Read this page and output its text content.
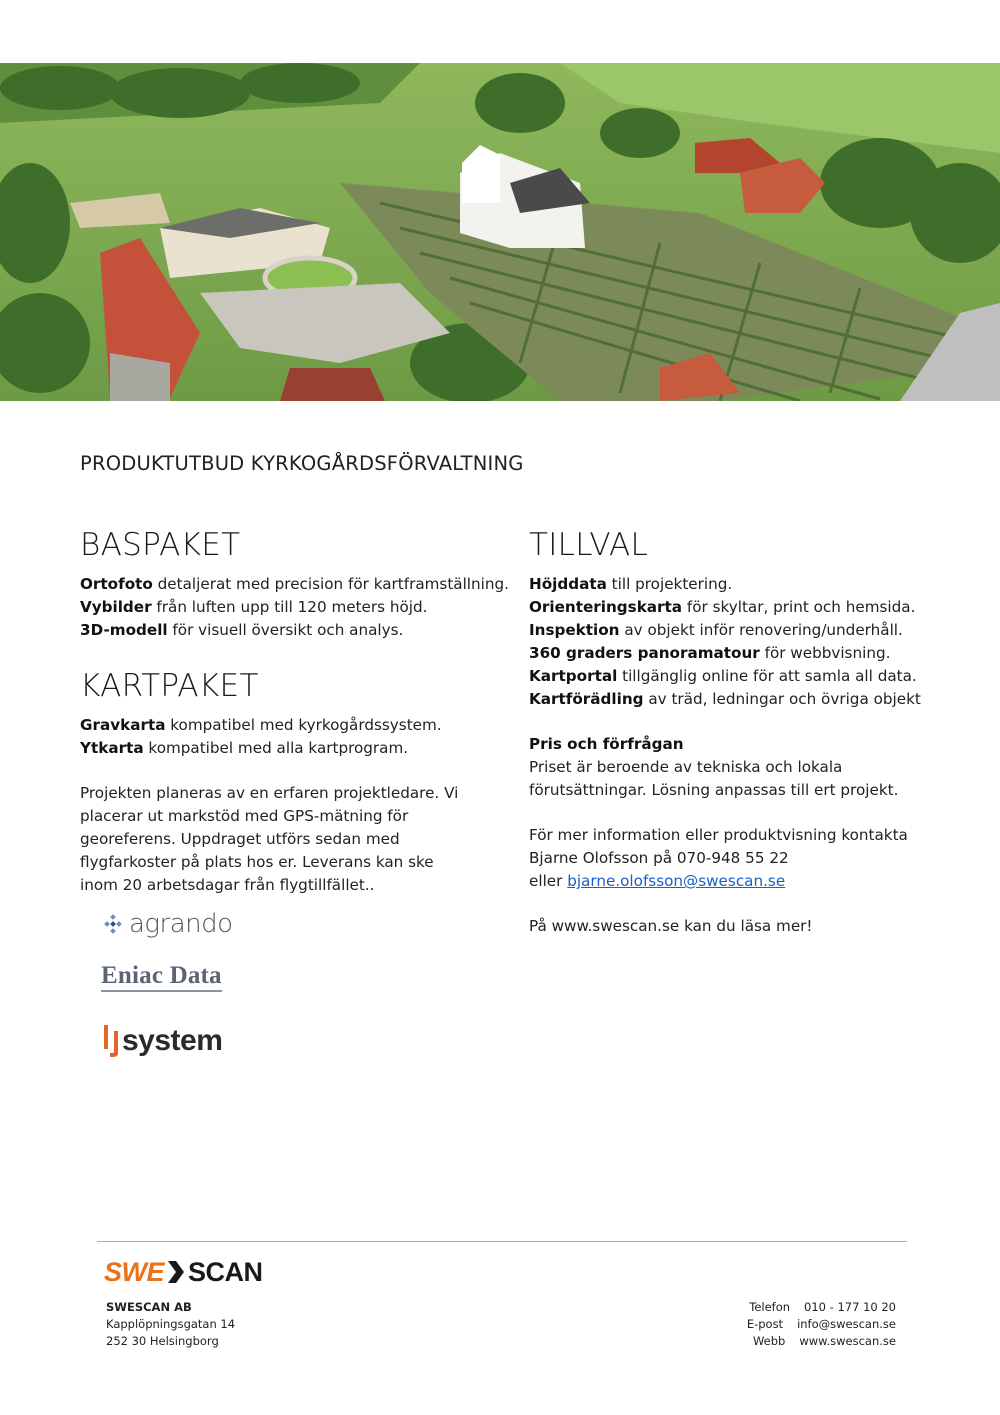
PRODUKTUTBUD KYRKOGÅRDSFÖRVALTNING
BASPAKET
Ortofoto detaljerat med precision för kartframställning.
Vybilder från luften upp till 120 meters höjd.
3D-modell för visuell översikt och analys.
KARTPAKET
Gravkarta kompatibel med kyrkogårdssystem.
Ytkarta kompatibel med alla kartprogram.
Projekten planeras av en erfaren projektledare. Vi
placerar ut markstöd med GPS-mätning för
georeferens. Uppdraget utförs sedan med
flygfarkoster på plats hos er. Leverans kan ske
inom 20 arbetsdagar från flygtillfället..
TILLVAL
Höjddata till projektering.
Orienteringskarta för skyltar, print och hemsida.
Inspektion av objekt inför renovering/underhåll.
360 graders panoramatour för webbvisning.
Kartportal tillgänglig online för att samla all data.
Kartförädling av träd, ledningar och övriga objekt
Pris och förfrågan
Priset är beroende av tekniska och lokala
förutsättningar. Lösning anpassas till ert projekt.
För mer information eller produktvisning kontakta
Bjarne Olofsson på 070-948 55 22
eller bjarne.olofsson@swescan.se
På www.swescan.se kan du läsa mer!
agrando
Eniac Data
system
SWE SCAN
SWESCAN AB
Kapplöpningsgatan 14
252 30 Helsingborg
Telefon 010 - 177 10 20
E-post info@swescan.se
Webb www.swescan.se
